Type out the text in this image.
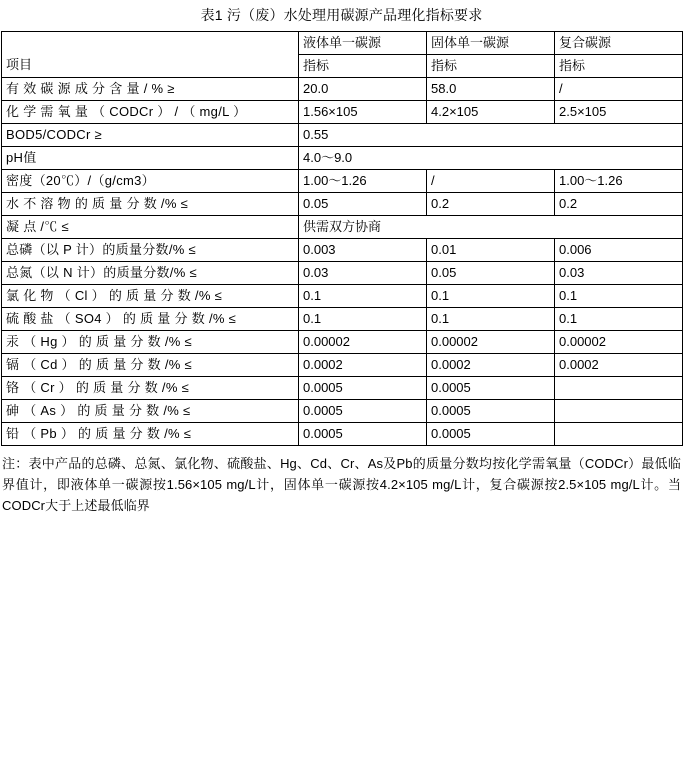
表1 污（废）水处理用碳源产品理化指标要求
项目	液体单一碳源	固体单一碳源	复合碳源
	指标	指标	指标
有 效 碳 源 成 分 含 量 / % ≥	20.0	58.0	/
化 学 需 氧 量 （ CODCr ） / （ mg/L ）	1.56×105	4.2×105	2.5×105
BOD5/CODCr ≥	0.55		
pH值	4.0～9.0		
密度（20℃）/（g/cm3）	1.00～1.26	/	1.00～1.26
水 不 溶 物 的 质 量 分 数 /% ≤	0.05	0.2	0.2
凝 点 /℃ ≤	供需双方协商		
总磷（以 P 计）的质量分数/% ≤	0.003	0.01	0.006
总氮（以 N 计）的质量分数/% ≤	0.03	0.05	0.03
氯 化 物 （ Cl ） 的 质 量 分 数 /% ≤	0.1	0.1	0.1
硫 酸 盐 （ SO4 ） 的 质 量 分 数 /% ≤	0.1	0.1	0.1
汞 （ Hg ） 的 质 量 分 数 /% ≤	0.00002	0.00002	0.00002
镉 （ Cd ） 的 质 量 分 数 /% ≤	0.0002	0.0002	0.0002
铬 （ Cr ） 的 质 量 分 数 /% ≤	0.0005	0.0005	
砷 （ As ） 的 质 量 分 数 /% ≤	0.0005	0.0005	
铅 （ Pb ） 的 质 量 分 数 /% ≤	0.0005	0.0005	
注：表中产品的总磷、总氮、氯化物、硫酸盐、Hg、Cd、Cr、As及Pb的质量分数均按化学需氧量（CODCr）最低临界值计，即液体单一碳源按1.56×105 mg/L计，固体单一碳源按4.2×105 mg/L计，复合碳源按2.5×105 mg/L计。当CODCr大于上述最低临界
